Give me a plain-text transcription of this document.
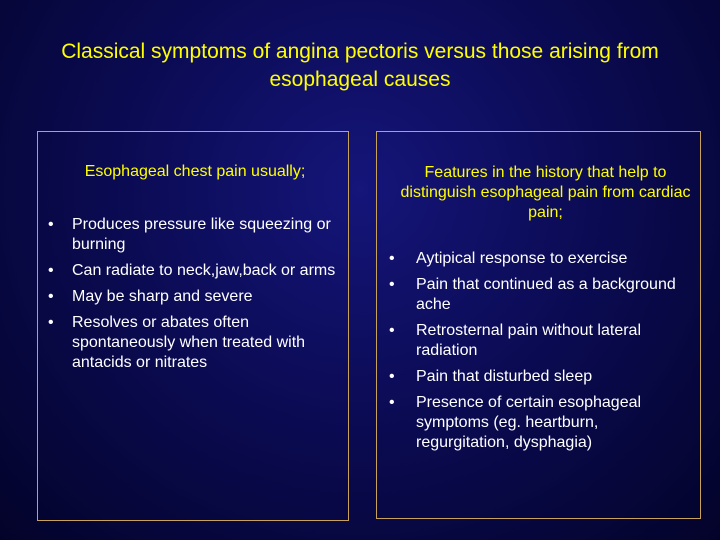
Classical symptoms of angina pectoris versus those arising from esophageal causes
Esophageal chest pain usually;
• Produces pressure like squeezing or burning
• Can radiate to neck,jaw,back or arms
• May be sharp and severe
• Resolves or abates often spontaneously when treated with antacids or nitrates
Features in the history that help to distinguish esophageal pain from cardiac pain;
• Aytipical response to exercise
• Pain that continued as a background ache
• Retrosternal pain without lateral radiation
• Pain that disturbed sleep
• Presence of certain esophageal symptoms (eg. heartburn, regurgitation, dysphagia)
